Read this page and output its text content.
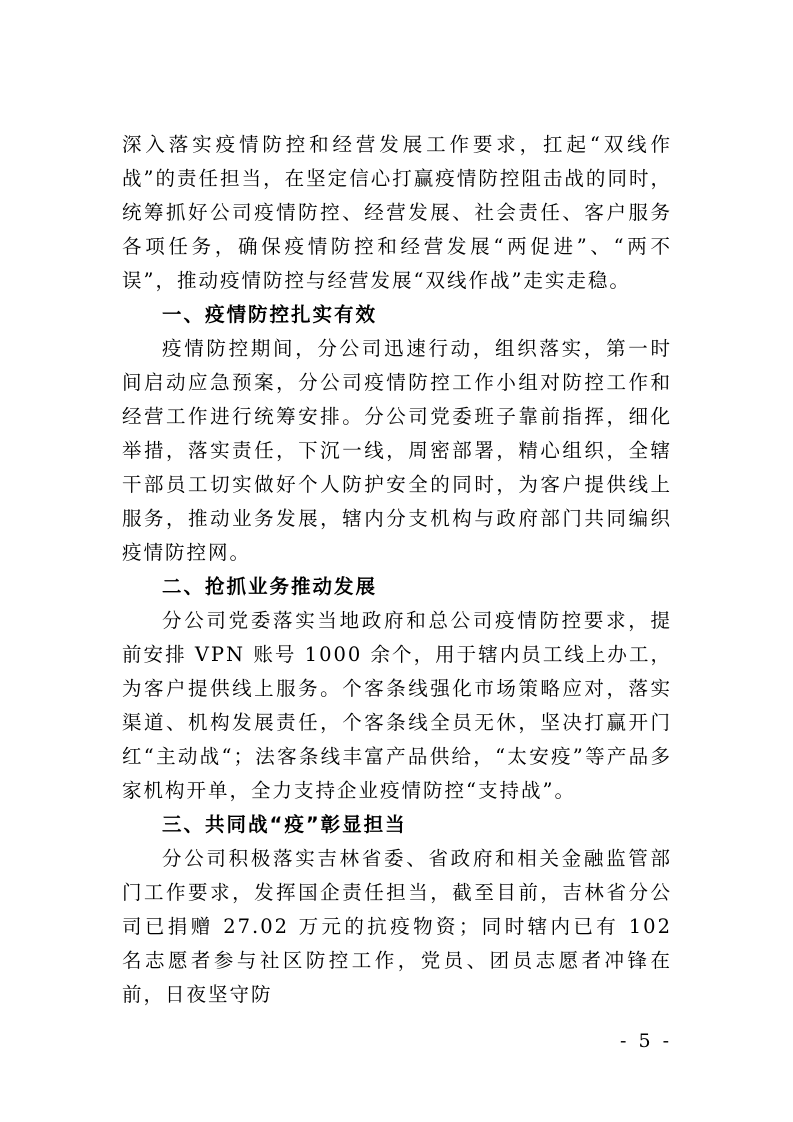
深入落实疫情防控和经营发展工作要求，扛起“双线作战”的责任担当，在坚定信心打赢疫情防控阻击战的同时，统筹抓好公司疫情防控、经营发展、社会责任、客户服务各项任务，确保疫情防控和经营发展“两促进”、“两不误”，推动疫情防控与经营发展“双线作战”走实走稳。

一、疫情防控扎实有效

疫情防控期间，分公司迅速行动，组织落实，第一时间启动应急预案，分公司疫情防控工作小组对防控工作和经营工作进行统筹安排。分公司党委班子靠前指挥，细化举措，落实责任，下沉一线，周密部署，精心组织，全辖干部员工切实做好个人防护安全的同时，为客户提供线上服务，推动业务发展，辖内分支机构与政府部门共同编织疫情防控网。

二、抢抓业务推动发展

分公司党委落实当地政府和总公司疫情防控要求，提前安排 VPN 账号 1000 余个，用于辖内员工线上办工，为客户提供线上服务。个客条线强化市场策略应对，落实渠道、机构发展责任，个客条线全员无休，坚决打赢开门红“主动战“；法客条线丰富产品供给，“太安疫”等产品多家机构开单，全力支持企业疫情防控“支持战”。

三、共同战“疫”彰显担当

分公司积极落实吉林省委、省政府和相关金融监管部门工作要求，发挥国企责任担当，截至目前，吉林省分公司已捐赠 27.02 万元的抗疫物资；同时辖内已有 102 名志愿者参与社区防控工作，党员、团员志愿者冲锋在前，日夜坚守防

- 5 -
